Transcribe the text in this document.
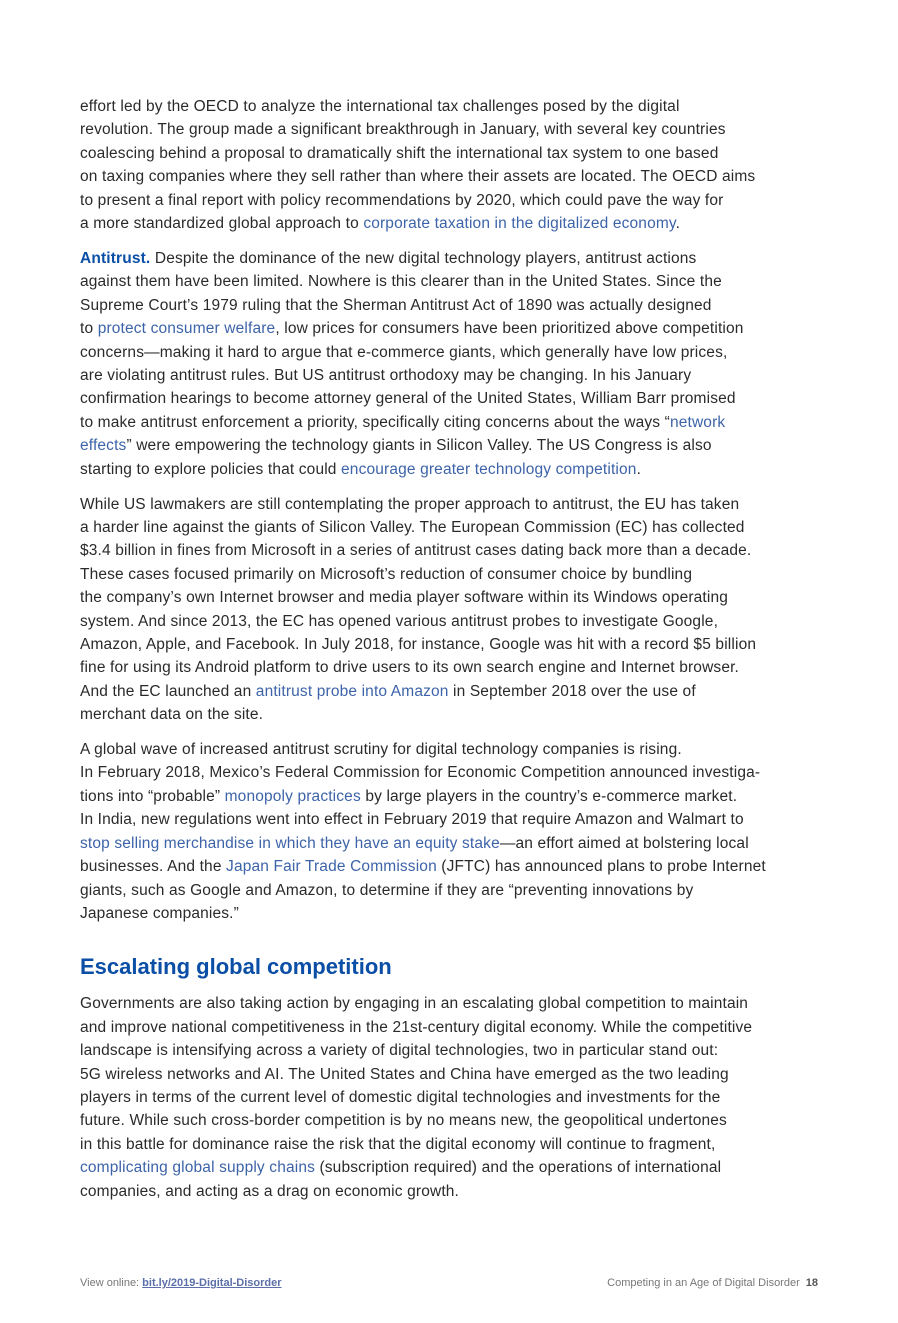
effort led by the OECD to analyze the international tax challenges posed by the digital
revolution. The group made a significant breakthrough in January, with several key countries
coalescing behind a proposal to dramatically shift the international tax system to one based
on taxing companies where they sell rather than where their assets are located. The OECD aims
to present a final report with policy recommendations by 2020, which could pave the way for
a more standardized global approach to corporate taxation in the digitalized economy.

Antitrust. Despite the dominance of the new digital technology players, antitrust actions
against them have been limited. Nowhere is this clearer than in the United States. Since the
Supreme Court’s 1979 ruling that the Sherman Antitrust Act of 1890 was actually designed
to protect consumer welfare, low prices for consumers have been prioritized above competition
concerns—making it hard to argue that e-commerce giants, which generally have low prices,
are violating antitrust rules. But US antitrust orthodoxy may be changing. In his January
confirmation hearings to become attorney general of the United States, William Barr promised
to make antitrust enforcement a priority, specifically citing concerns about the ways “network
effects” were empowering the technology giants in Silicon Valley. The US Congress is also
starting to explore policies that could encourage greater technology competition.

While US lawmakers are still contemplating the proper approach to antitrust, the EU has taken
a harder line against the giants of Silicon Valley. The European Commission (EC) has collected
$3.4 billion in fines from Microsoft in a series of antitrust cases dating back more than a decade.
These cases focused primarily on Microsoft’s reduction of consumer choice by bundling
the company’s own Internet browser and media player software within its Windows operating
system. And since 2013, the EC has opened various antitrust probes to investigate Google,
Amazon, Apple, and Facebook. In July 2018, for instance, Google was hit with a record $5 billion
fine for using its Android platform to drive users to its own search engine and Internet browser.
And the EC launched an antitrust probe into Amazon in September 2018 over the use of
merchant data on the site.

A global wave of increased antitrust scrutiny for digital technology companies is rising.
In February 2018, Mexico’s Federal Commission for Economic Competition announced investiga-
tions into “probable” monopoly practices by large players in the country’s e-commerce market.
In India, new regulations went into effect in February 2019 that require Amazon and Walmart to
stop selling merchandise in which they have an equity stake—an effort aimed at bolstering local
businesses. And the Japan Fair Trade Commission (JFTC) has announced plans to probe Internet
giants, such as Google and Amazon, to determine if they are “preventing innovations by
Japanese companies.”

Escalating global competition

Governments are also taking action by engaging in an escalating global competition to maintain
and improve national competitiveness in the 21st-century digital economy. While the competitive
landscape is intensifying across a variety of digital technologies, two in particular stand out:
5G wireless networks and AI. The United States and China have emerged as the two leading
players in terms of the current level of domestic digital technologies and investments for the
future. While such cross-border competition is by no means new, the geopolitical undertones
in this battle for dominance raise the risk that the digital economy will continue to fragment,
complicating global supply chains (subscription required) and the operations of international
companies, and acting as a drag on economic growth.

View online: bit.ly/2019-Digital-Disorder	Competing in an Age of Digital Disorder 18
